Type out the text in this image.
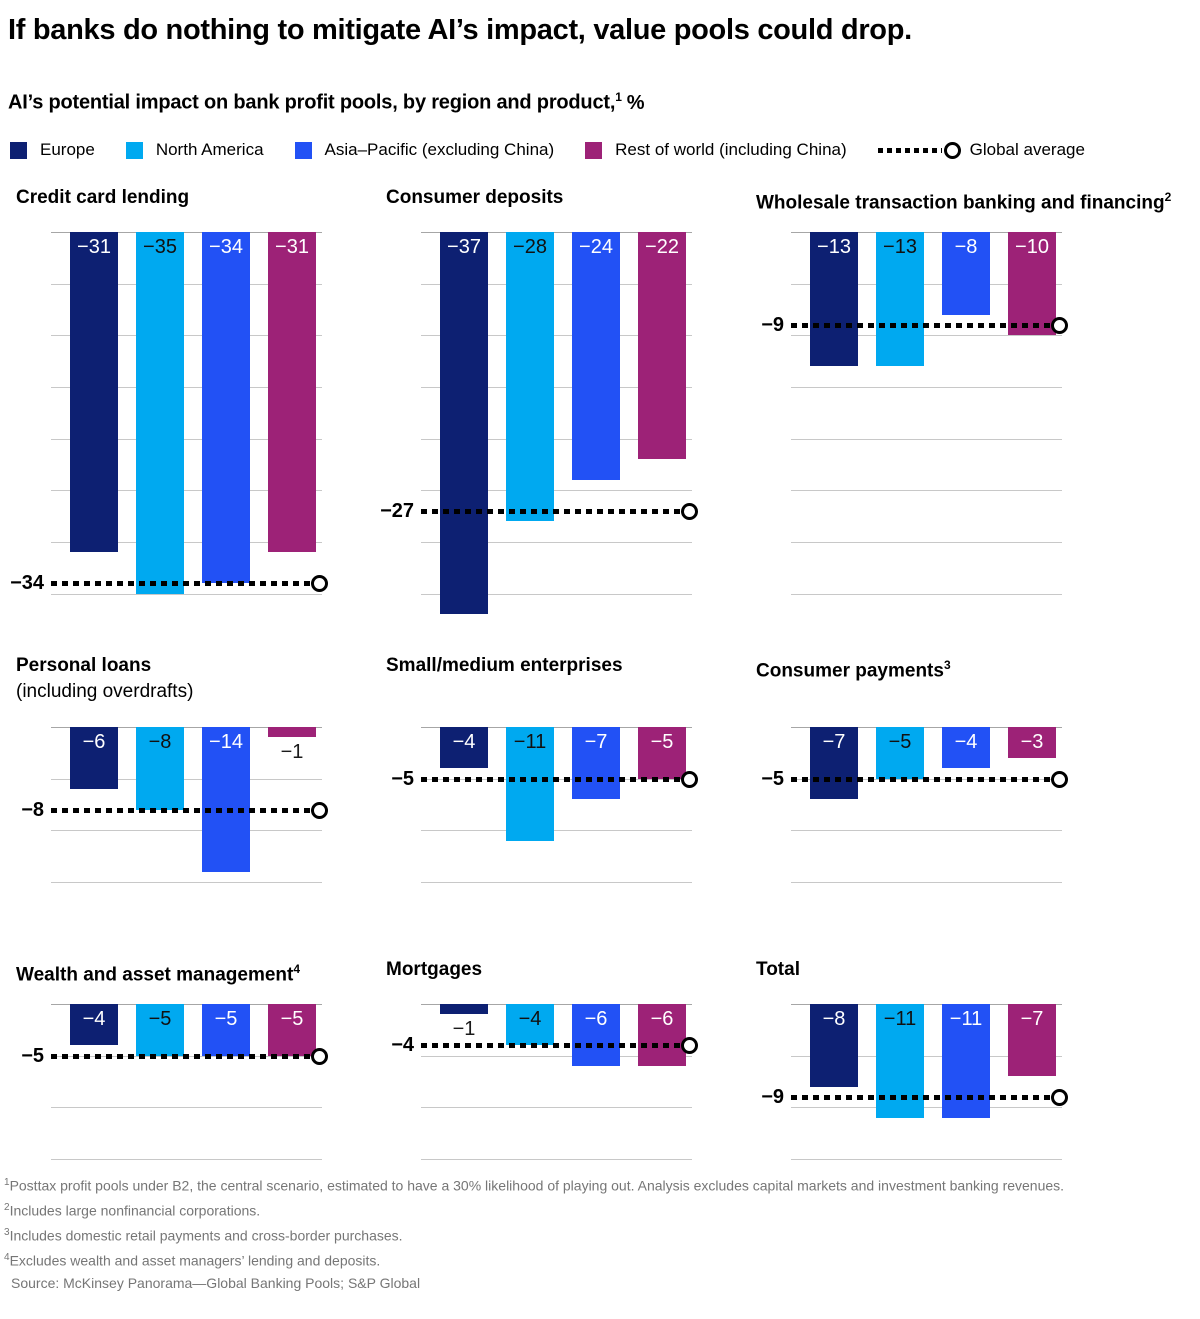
If banks do nothing to mitigate AI’s impact, value pools could drop.
AI’s potential impact on bank profit pools, by region and product,$^1$ %
Europe	North America	Asia–Pacific (excluding China)	Rest of world (including China)	Global average
Credit card lending
−31	−35	−34	−31
−34
Consumer deposits
−37	−28	−24	−22
−27
Wholesale transaction banking and financing$^2$
−13	−13	−8	−10
−9
Personal loans
(including overdrafts)
−6	−8	−14	−1
−8
Small/medium enterprises
−4	−11	−7	−5
−5
Consumer payments$^3$
−7	−5	−4	−3
−5
Wealth and asset management$^4$
−4	−5	−5	−5
−5
Mortgages
−1	−4	−6	−6
−4
Total
−8	−11	−11	−7
−9
$^1$Posttax profit pools under B2, the central scenario, estimated to have a 30% likelihood of playing out. Analysis excludes capital markets and investment banking revenues.
$^2$Includes large nonfinancial corporations.
$^3$Includes domestic retail payments and cross-border purchases.
$^4$Excludes wealth and asset managers’ lending and deposits.
Source: McKinsey Panorama—Global Banking Pools; S&P Global
